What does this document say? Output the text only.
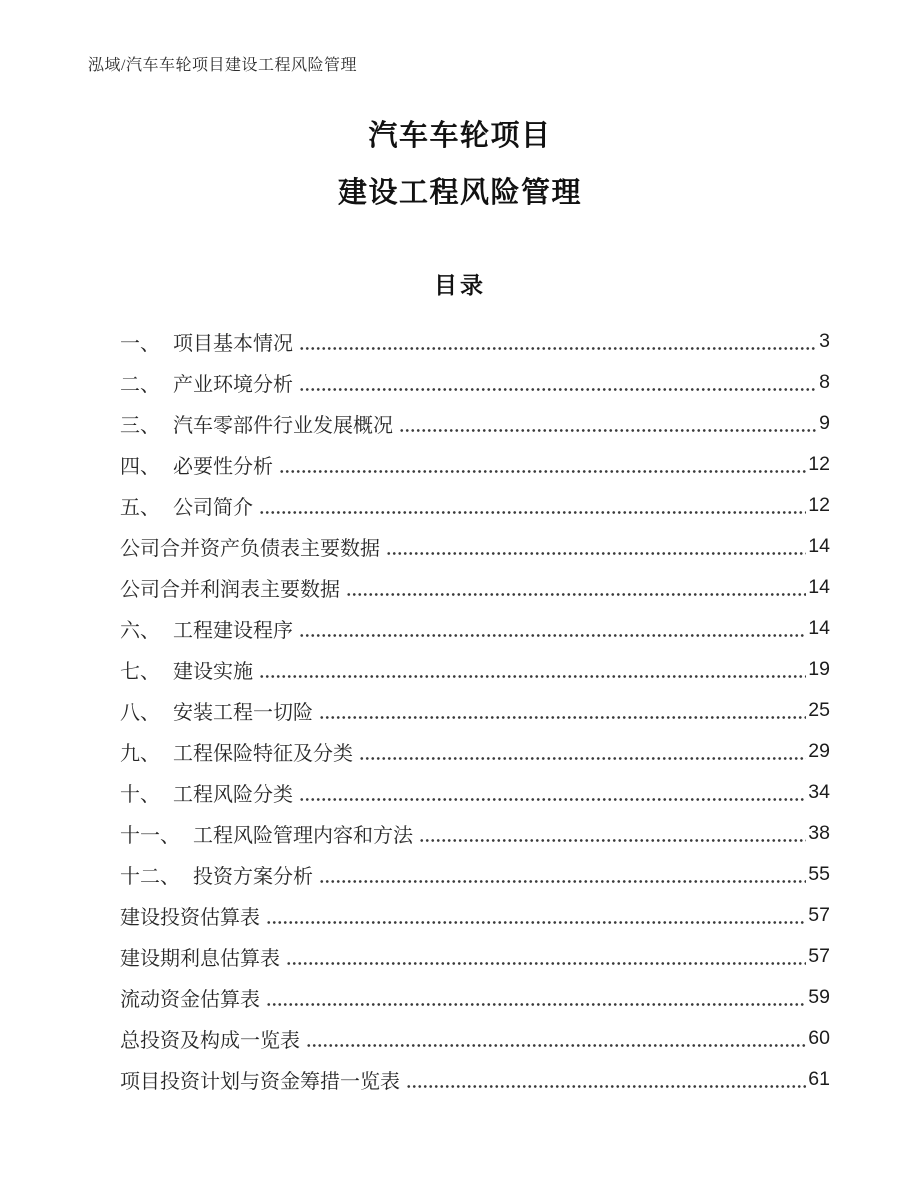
泓域/汽车车轮项目建设工程风险管理
汽车车轮项目
建设工程风险管理
目录
一、 项目基本情况	3
二、 产业环境分析	8
三、 汽车零部件行业发展概况	9
四、 必要性分析	12
五、 公司简介	12
公司合并资产负债表主要数据	14
公司合并利润表主要数据	14
六、 工程建设程序	14
七、 建设实施	19
八、 安装工程一切险	25
九、 工程保险特征及分类	29
十、 工程风险分类	34
十一、 工程风险管理内容和方法	38
十二、 投资方案分析	55
建设投资估算表	57
建设期利息估算表	57
流动资金估算表	59
总投资及构成一览表	60
项目投资计划与资金筹措一览表	61
